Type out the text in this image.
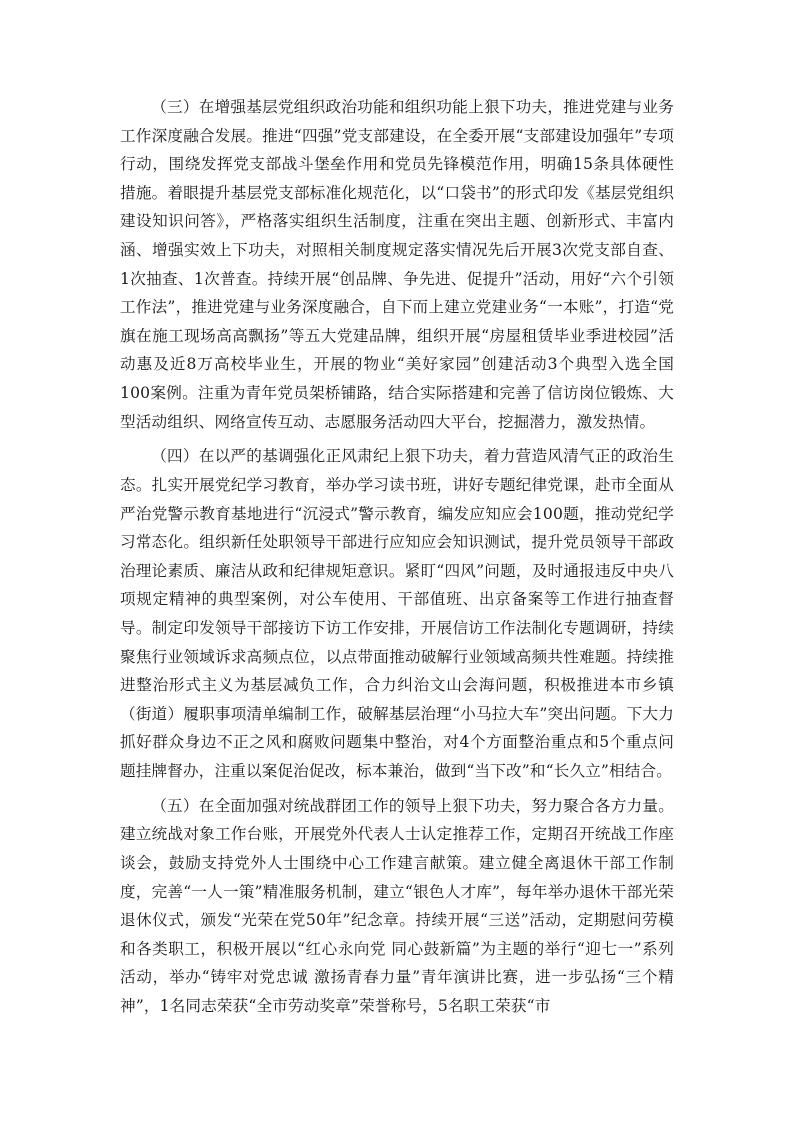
（三）在增强基层党组织政治功能和组织功能上狠下功夫，推进党建与业务工作深度融合发展。推进“四强”党支部建设，在全委开展“支部建设加强年”专项行动，围绕发挥党支部战斗堡垒作用和党员先锋模范作用，明确15条具体硬性措施。着眼提升基层党支部标准化规范化，以“口袋书”的形式印发《基层党组织建设知识问答》，严格落实组织生活制度，注重在突出主题、创新形式、丰富内涵、增强实效上下功夫，对照相关制度规定落实情况先后开展3次党支部自查、1次抽查、1次普查。持续开展“创品牌、争先进、促提升”活动，用好“六个引领工作法”，推进党建与业务深度融合，自下而上建立党建业务“一本账”，打造“党旗在施工现场高高飘扬”等五大党建品牌，组织开展“房屋租赁毕业季进校园”活动惠及近8万高校毕业生，开展的物业“美好家园”创建活动3个典型入选全国100案例。注重为青年党员架桥铺路，结合实际搭建和完善了信访岗位锻炼、大型活动组织、网络宣传互动、志愿服务活动四大平台，挖掘潜力，激发热情。

（四）在以严的基调强化正风肃纪上狠下功夫，着力营造风清气正的政治生态。扎实开展党纪学习教育，举办学习读书班，讲好专题纪律党课，赴市全面从严治党警示教育基地进行“沉浸式”警示教育，编发应知应会100题，推动党纪学习常态化。组织新任处职领导干部进行应知应会知识测试，提升党员领导干部政治理论素质、廉洁从政和纪律规矩意识。紧盯“四风”问题，及时通报违反中央八项规定精神的典型案例，对公车使用、干部值班、出京备案等工作进行抽查督导。制定印发领导干部接访下访工作安排，开展信访工作法制化专题调研，持续聚焦行业领域诉求高频点位，以点带面推动破解行业领域高频共性难题。持续推进整治形式主义为基层减负工作，合力纠治文山会海问题，积极推进本市乡镇（街道）履职事项清单编制工作，破解基层治理“小马拉大车”突出问题。下大力抓好群众身边不正之风和腐败问题集中整治，对4个方面整治重点和5个重点问题挂牌督办，注重以案促治促改，标本兼治，做到“当下改”和“长久立”相结合。

（五）在全面加强对统战群团工作的领导上狠下功夫，努力聚合各方力量。建立统战对象工作台账，开展党外代表人士认定推荐工作，定期召开统战工作座谈会，鼓励支持党外人士围绕中心工作建言献策。建立健全离退休干部工作制度，完善“一人一策”精准服务机制，建立“银色人才库”，每年举办退休干部光荣退休仪式，颁发“光荣在党50年”纪念章。持续开展“三送”活动，定期慰问劳模和各类职工，积极开展以“红心永向党 同心鼓新篇”为主题的举行“迎七一”系列活动，举办“铸牢对党忠诚 激扬青春力量”青年演讲比赛，进一步弘扬“三个精神”，1名同志荣获“全市劳动奖章”荣誉称号，5名职工荣获“市
